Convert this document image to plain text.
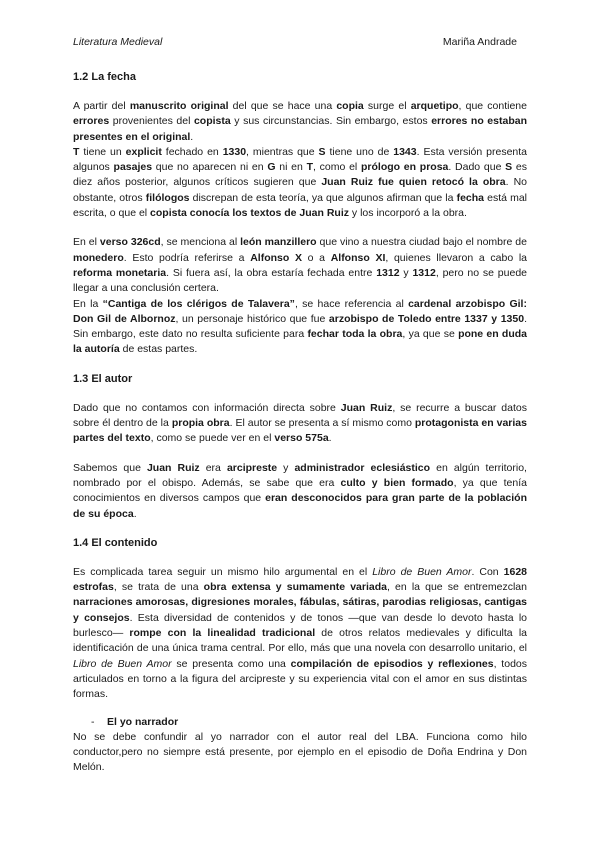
Literatura Medieval	Mariña Andrade
1.2 La fecha

A partir del manuscrito original del que se hace una copia surge el arquetipo, que contiene errores provenientes del copista y sus circunstancias. Sin embargo, estos errores no estaban presentes en el original.

T tiene un explicit fechado en 1330, mientras que S tiene uno de 1343. Esta versión presenta algunos pasajes que no aparecen ni en G ni en T, como el prólogo en prosa. Dado que S es diez años posterior, algunos críticos sugieren que Juan Ruiz fue quien retocó la obra. No obstante, otros filólogos discrepan de esta teoría, ya que algunos afirman que la fecha está mal escrita, o que el copista conocía los textos de Juan Ruiz y los incorporó a la obra.

En el verso 326cd, se menciona al león manzillero que vino a nuestra ciudad bajo el nombre de monedero. Esto podría referirse a Alfonso X o a Alfonso XI, quienes llevaron a cabo la reforma monetaria. Si fuera así, la obra estaría fechada entre 1312 y 1312, pero no se puede llegar a una conclusión certera.

En la “Cantiga de los clérigos de Talavera”, se hace referencia al cardenal arzobispo Gil: Don Gil de Albornoz, un personaje histórico que fue arzobispo de Toledo entre 1337 y 1350. Sin embargo, este dato no resulta suficiente para fechar toda la obra, ya que se pone en duda la autoría de estas partes.

1.3 El autor

Dado que no contamos con información directa sobre Juan Ruiz, se recurre a buscar datos sobre él dentro de la propia obra. El autor se presenta a sí mismo como protagonista en varias partes del texto, como se puede ver en el verso 575a.

Sabemos que Juan Ruiz era arcipreste y administrador eclesiástico en algún territorio, nombrado por el obispo. Además, se sabe que era culto y bien formado, ya que tenía conocimientos en diversos campos que eran desconocidos para gran parte de la población de su época.

1.4 El contenido

Es complicada tarea seguir un mismo hilo argumental en el Libro de Buen Amor. Con 1628 estrofas, se trata de una obra extensa y sumamente variada, en la que se entremezclan narraciones amorosas, digresiones morales, fábulas, sátiras, parodias religiosas, cantigas y consejos. Esta diversidad de contenidos y de tonos —que van desde lo devoto hasta lo burlesco— rompe con la linealidad tradicional de otros relatos medievales y dificulta la identificación de una única trama central. Por ello, más que una novela con desarrollo unitario, el Libro de Buen Amor se presenta como una compilación de episodios y reflexiones, todos articulados en torno a la figura del arcipreste y su experiencia vital con el amor en sus distintas formas.

-	El yo narrador

No se debe confundir al yo narrador con el autor real del LBA. Funciona como hilo conductor,pero no siempre está presente, por ejemplo en el episodio de Doña Endrina y Don Melón.
